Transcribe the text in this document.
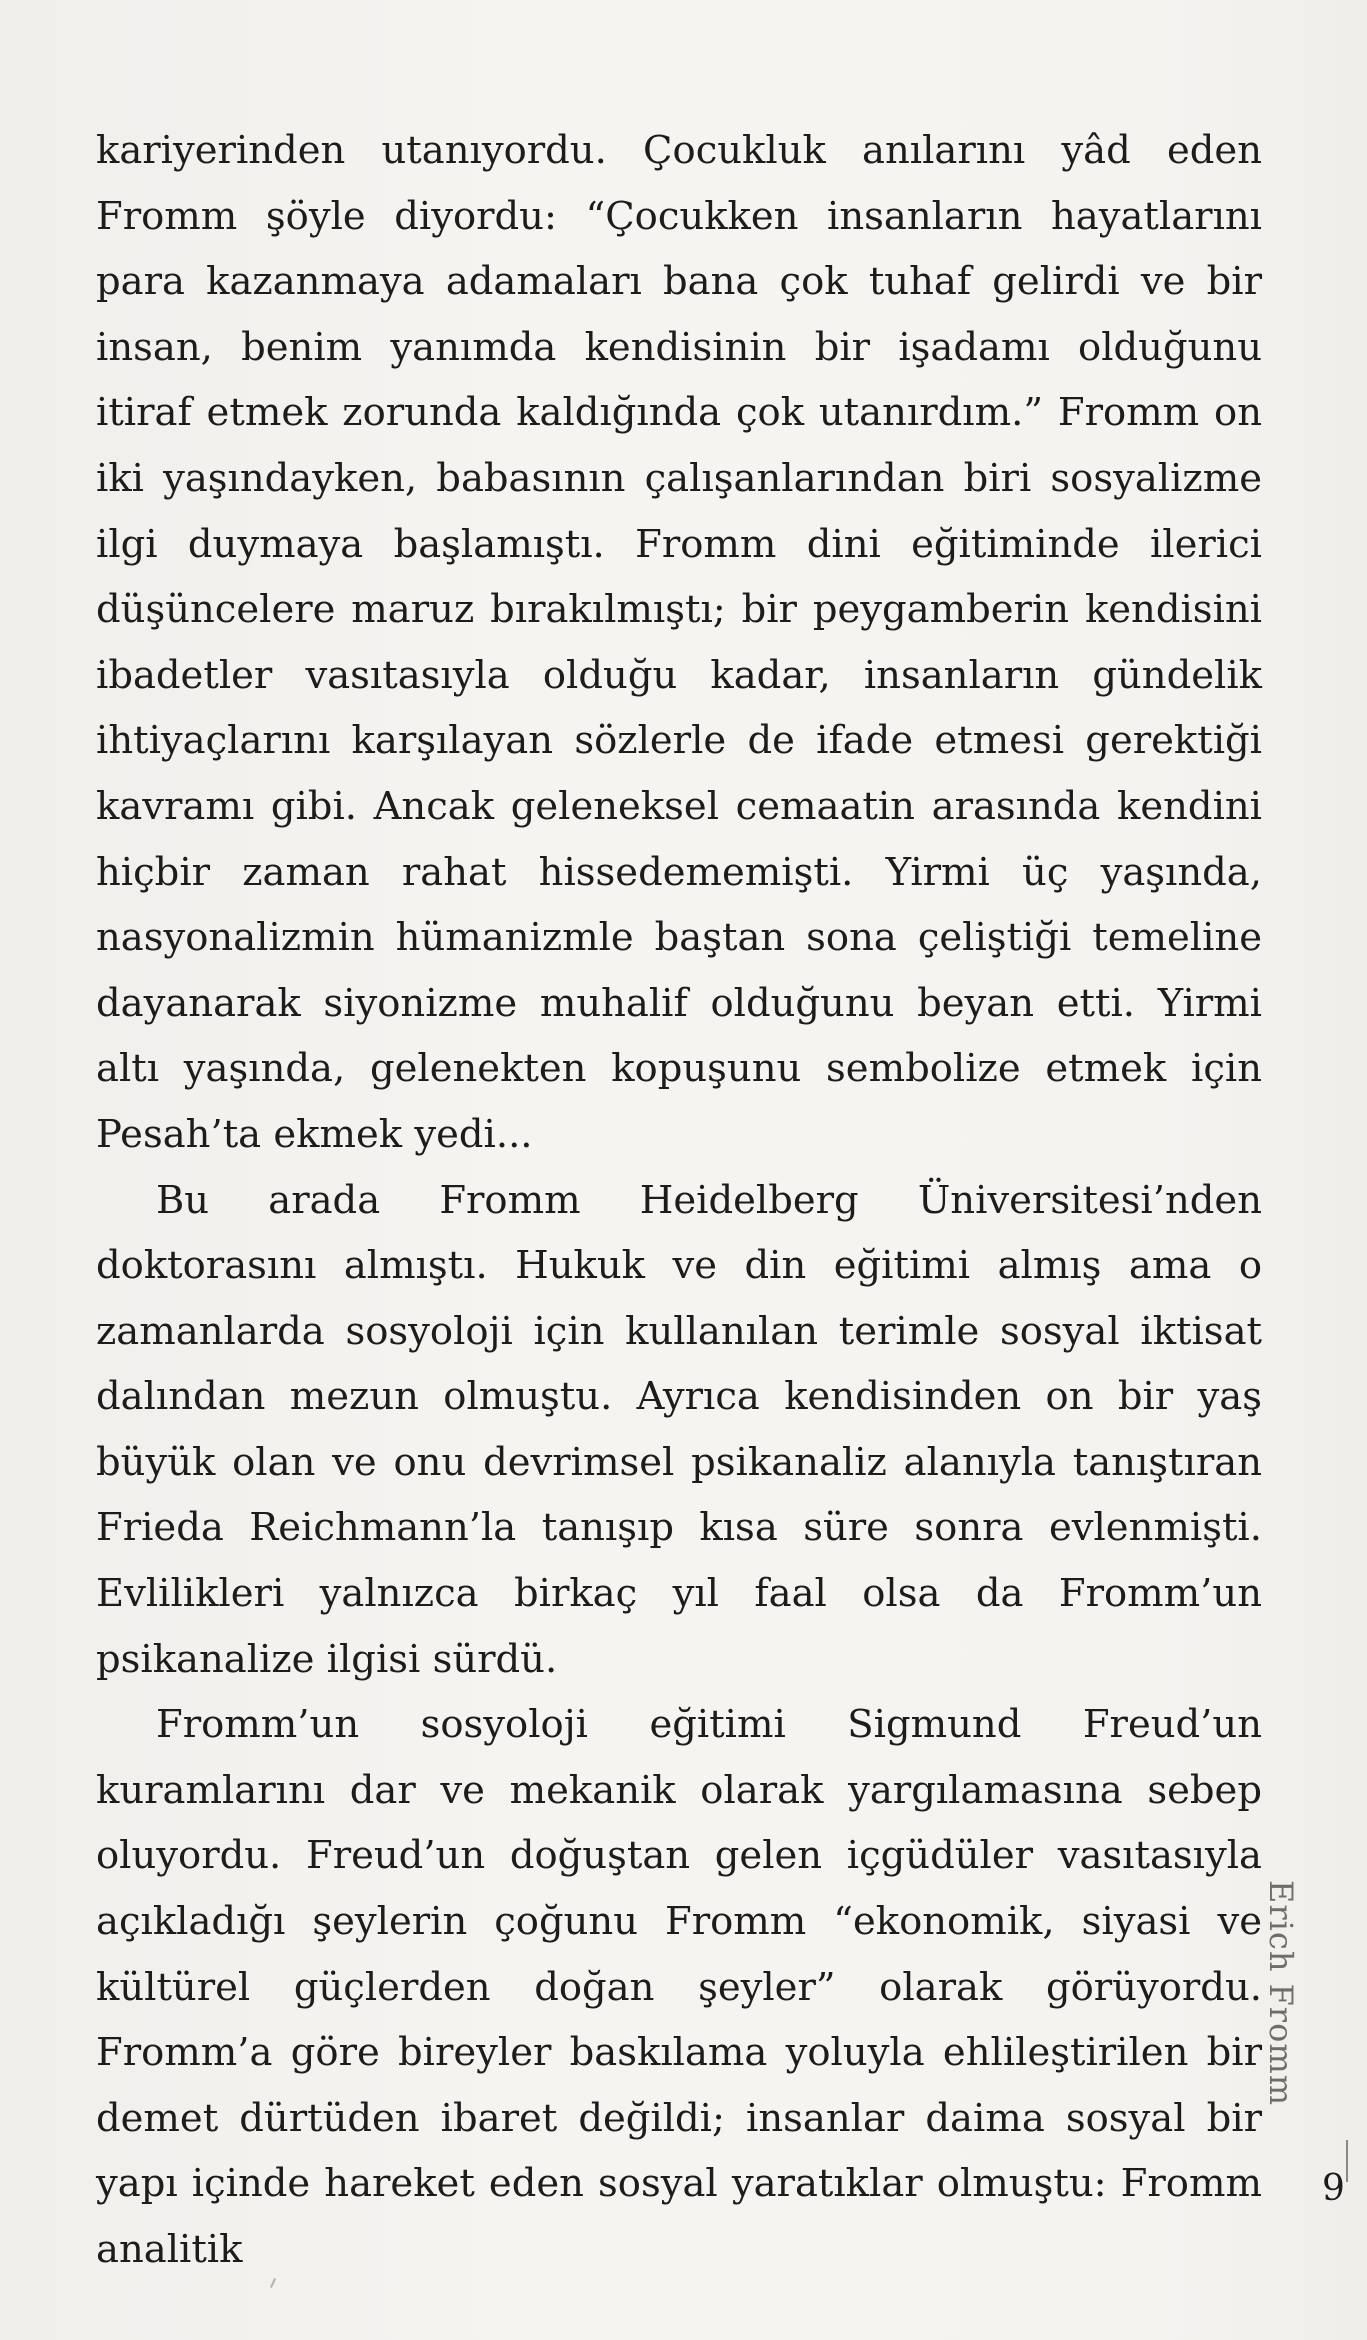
kariyerinden utanıyordu. Çocukluk anılarını yâd eden Fromm şöyle diyordu: “Çocukken insanların hayatlarını para kazanmaya adamaları bana çok tuhaf gelirdi ve bir insan, benim yanımda kendisinin bir işadamı olduğunu itiraf etmek zorunda kaldığında çok utanırdım.” Fromm on iki yaşındayken, babasının çalışanlarından biri sosyalizme ilgi duymaya başlamıştı. Fromm dini eğitiminde ilerici düşüncelere maruz bırakılmıştı; bir peygamberin kendisini ibadetler vasıtasıyla olduğu kadar, insanların gündelik ihtiyaçlarını karşılayan sözlerle de ifade etmesi gerektiği kavramı gibi. Ancak geleneksel cemaatin arasında kendini hiçbir zaman rahat hissedememişti. Yirmi üç yaşında, nasyonalizmin hümanizmle baştan sona çeliştiği temeline dayanarak siyonizme muhalif olduğunu beyan etti. Yirmi altı yaşında, gelenekten kopuşunu sembolize etmek için Pesah’ta ekmek yedi...

Bu arada Fromm Heidelberg Üniversitesi’nden doktorasını almıştı. Hukuk ve din eğitimi almış ama o zamanlarda sosyoloji için kullanılan terimle sosyal iktisat dalından mezun olmuştu. Ayrıca kendisinden on bir yaş büyük olan ve onu devrimsel psikanaliz alanıyla tanıştıran Frieda Reichmann’la tanışıp kısa süre sonra evlenmişti. Evlilikleri yalnızca birkaç yıl faal olsa da Fromm’un psikanalize ilgisi sürdü.

Fromm’un sosyoloji eğitimi Sigmund Freud’un kuramlarını dar ve mekanik olarak yargılamasına sebep oluyordu. Freud’un doğuştan gelen içgüdüler vasıtasıyla açıkladığı şeylerin çoğunu Fromm “ekonomik, siyasi ve kültürel güçlerden doğan şeyler” olarak görüyordu. Fromm’a göre bireyler baskılama yoluyla ehlileştirilen bir demet dürtüden ibaret değildi; insanlar daima sosyal bir yapı içinde hareket eden sosyal yaratıklar olmuştu: Fromm analitik

Erich Fromm
9
